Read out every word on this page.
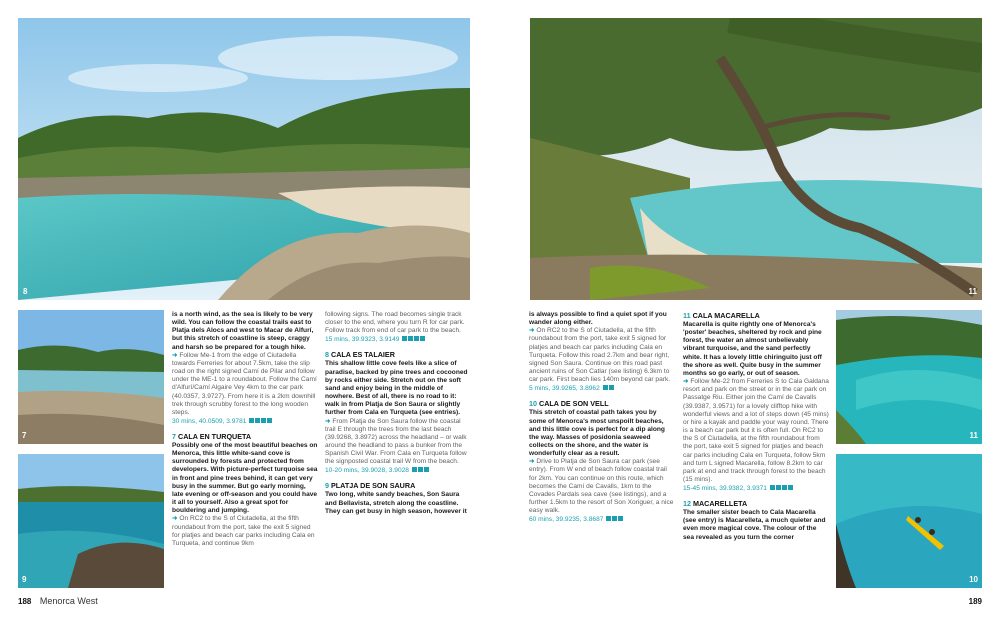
8	11
7
9
11
10

is a north wind, as the sea is likely to be very wild. You can follow the coastal trails east to Platja dels Alocs and west to Macar de Alfurí, but this stretch of coastline is steep, craggy and harsh so be prepared for a tough hike.

➜ Follow Me-1 from the edge of Ciutadella towards Ferreries for about 7.5km, take the slip road on the right signed Camí de Pilar and follow under the ME-1 to a roundabout. Follow the Camí d'Alfurí/Camí Algaire Vey 4km to the car park (40.0357, 3.9727). From here it is a 2km downhill trek through scrubby forest to the long wooden steps.

30 mins, 40.0509, 3.9781

7 CALA EN TURQUETA

Possibly one of the most beautiful beaches on Menorca, this little white-sand cove is surrounded by forests and protected from developers. With picture-perfect turquoise sea in front and pine trees behind, it can get very busy in the summer. But go early morning, late evening or off-season and you could have it all to yourself. Also a great spot for bouldering and jumping.

➜ On RC2 to the S of Ciutadella, at the fifth roundabout from the port, take the exit 5 signed for platjes and beach car parks including Cala en Turqueta, and continue 9km

following signs. The road becomes single track closer to the end, where you turn R for car park. Follow track from end of car park to the beach.

15 mins, 39.9323, 3.9149

8 CALA ES TALAIER

This shallow little cove feels like a slice of paradise, backed by pine trees and cocooned by rocks either side. Stretch out on the soft sand and enjoy being in the middle of nowhere. Best of all, there is no road to it: walk in from Platja de Son Saura or slightly further from Cala en Turqueta (see entries).

➜ From Platja de Son Saura follow the coastal trail E through the trees from the last beach (39.9268, 3.8972) across the headland – or walk around the headland to pass a bunker from the Spanish Civil War. From Cala en Turqueta follow the signposted coastal trail W from the beach.

10-20 mins, 39.9028, 3.9028

9 PLATJA DE SON SAURA

Two long, white sandy beaches, Son Saura and Bellavista, stretch along the coastline. They can get busy in high season, however it

is always possible to find a quiet spot if you wander along either.

➜ On RC2 to the S of Ciutadella, at the fifth roundabout from the port, take exit 5 signed for platjes and beach car parks including Cala en Turqueta. Follow this road 2.7km and bear right, signed Son Saura. Continue on this road past ancient ruins of Son Catlar (see listing) 6.3km to car park. First beach lies 140m beyond car park.

5 mins, 39.9265, 3.8962

10 CALA DE SON VELL

This stretch of coastal path takes you by some of Menorca's most unspoilt beaches, and this little cove is perfect for a dip along the way. Masses of posidonia seaweed collects on the shore, and the water is wonderfully clear as a result.

➜ Drive to Platja de Son Saura car park (see entry). From W end of beach follow coastal trail for 2km. You can continue on this route, which becomes the Camí de Cavalls, 1km to the Covades Pardals sea cave (see listings), and a further 1.5km to the resort of Son Xoriguer, a nice easy walk.

60 mins, 39.9235, 3.8687

11 CALA MACARELLA

Macarella is quite rightly one of Menorca's 'poster' beaches, sheltered by rock and pine forest, the water an almost unbelievably vibrant turquoise, and the sand perfectly white. It has a lovely little chiringuito just off the shore as well. Quite busy in the summer months so go early, or out of season.

➜ Follow Me-22 from Ferreries S to Cala Galdana resort and park on the street or in the car park on Passatge Riu. Either join the Camí de Cavalls (39.9387, 3.9571) for a lovely clifftop hike with wonderful views and a lot of steps down (45 mins) or hire a kayak and paddle your way round. There is a beach car park but it is often full. On RC2 to the S of Ciutadella, at the fifth roundabout from the port, take exit 5 signed for platjes and beach car parks including Cala en Turqueta, follow 5km and turn L signed Macarella, follow 8.2km to car park at end and track through forest to the beach (15 mins).

15-45 mins, 39.9382, 3.9371

12 MACARELLETA

The smaller sister beach to Cala Macarella (see entry) is Macarelleta, a much quieter and even more magical cove. The colour of the sea revealed as you turn the corner

188 Menorca West	189
